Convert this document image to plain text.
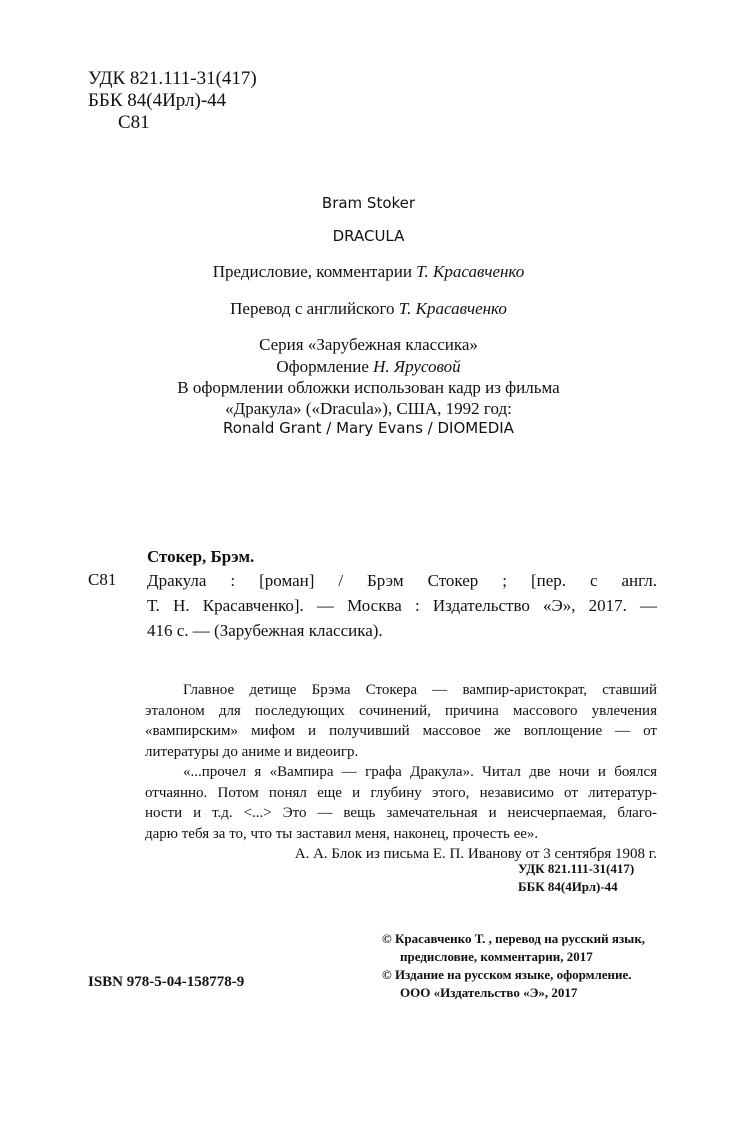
УДК 821.111-31(417)
ББК 84(4Ирл)-44
С81
Bram Stoker
DRACULA
Предисловие, комментарии Т. Красавченко
Перевод с английского Т. Красавченко
Серия «Зарубежная классика»
Оформление Н. Ярусовой
В оформлении обложки использован кадр из фильма
«Дракула» («Dracula»), США, 1992 год:
Ronald Grant / Mary Evans / DIOMEDIA
Стокер, Брэм.
С81 Дракула : [роман] / Брэм Стокер ; [пер. с англ.
Т. Н. Красавченко]. — Москва : Издательство «Э», 2017. —
416 с. — (Зарубежная классика).
Главное детище Брэма Стокера — вампир-аристократ, ставший
эталоном для последующих сочинений, причина массового увлечения
«вампирским» мифом и получивший массовое же воплощение — от
литературы до аниме и видеоигр.
«...прочел я «Вампира — графа Дракула». Читал две ночи и боялся
отчаянно. Потом понял еще и глубину этого, независимо от литератур-
ности и т.д. <...> Это — вещь замечательная и неисчерпаемая, благо-
дарю тебя за то, что ты заставил меня, наконец, прочесть ее».
А. А. Блок из письма Е. П. Иванову от 3 сентября 1908 г.
УДК 821.111-31(417)
ББК 84(4Ирл)-44
© Красавченко Т. , перевод на русский язык,
предисловие, комментарии, 2017
© Издание на русском языке, оформление.
ООО «Издательство «Э», 2017
ISBN 978-5-04-158778-9
